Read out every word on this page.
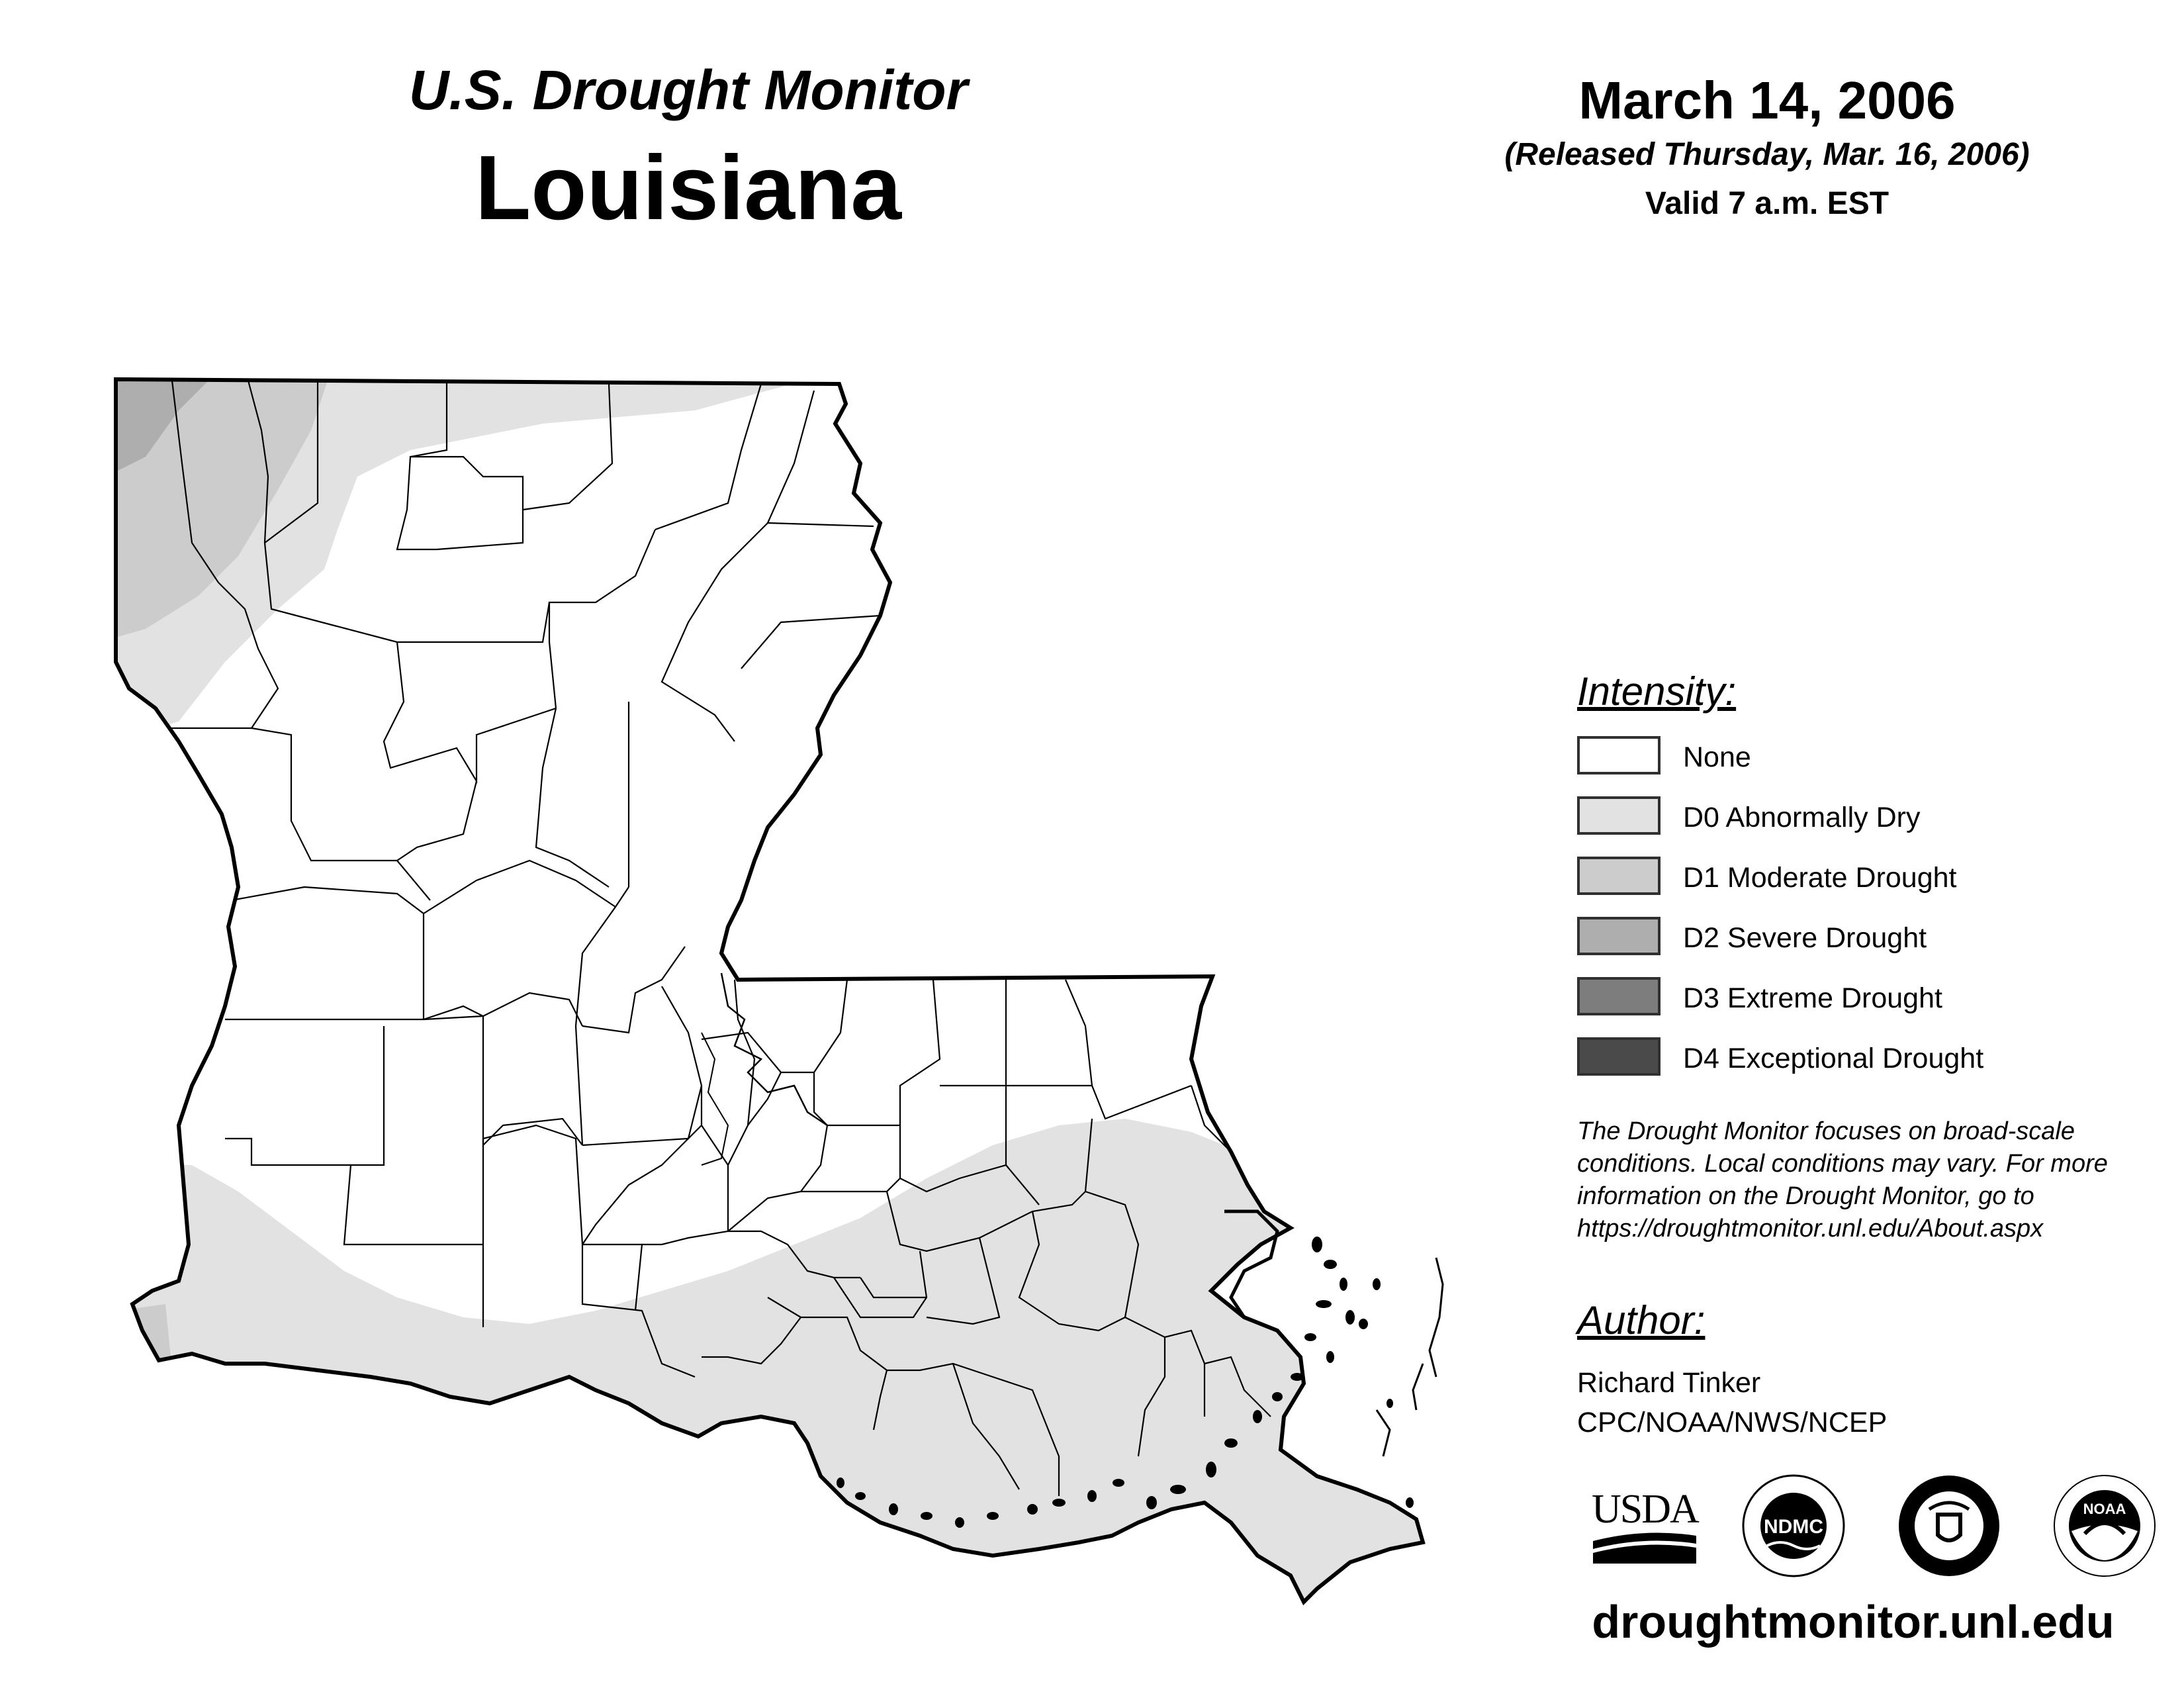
U.S. Drought Monitor
Louisiana
March 14, 2006
(Released Thursday, Mar. 16, 2006)
Valid 7 a.m. EST
Intensity:
None
D0 Abnormally Dry
D1 Moderate Drought
D2 Severe Drought
D3 Extreme Drought
D4 Exceptional Drought
The Drought Monitor focuses on broad-scale
conditions. Local conditions may vary. For more
information on the Drought Monitor, go to
https://droughtmonitor.unl.edu/About.aspx
Author:
Richard Tinker
CPC/NOAA/NWS/NCEP
USDA	NDMC
NOAA
droughtmonitor.unl.edu
